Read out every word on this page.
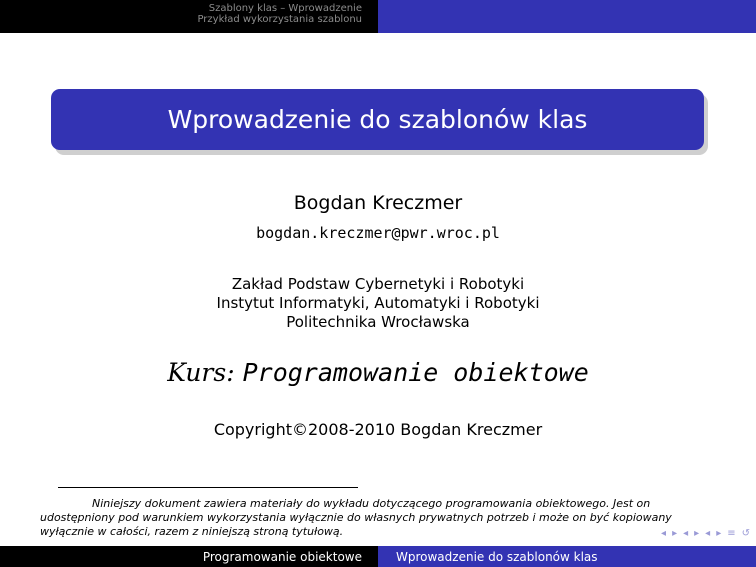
Szablony klas – Wprowadzenie
Przykład wykorzystania szablonu
Wprowadzenie do szablonów klas
Bogdan Kreczmer
bogdan.kreczmer@pwr.wroc.pl
Zakład Podstaw Cybernetyki i Robotyki
Instytut Informatyki, Automatyki i Robotyki
Politechnika Wrocławska
Kurs: Programowanie obiektowe
Copyright©2008-2010 Bogdan Kreczmer

Niniejszy dokument zawiera materiały do wykładu dotyczącego programowania obiektowego. Jest on udostępniony pod warunkiem wykorzystania wyłącznie do własnych prywatnych potrzeb i może on być kopiowany wyłącznie w całości, razem z niniejszą stroną tytułową.	◂ ▸ ◂ ▸ ◂ ▸ ≡ ↺
Programowanie obiektowe	Wprowadzenie do szablonów klas
